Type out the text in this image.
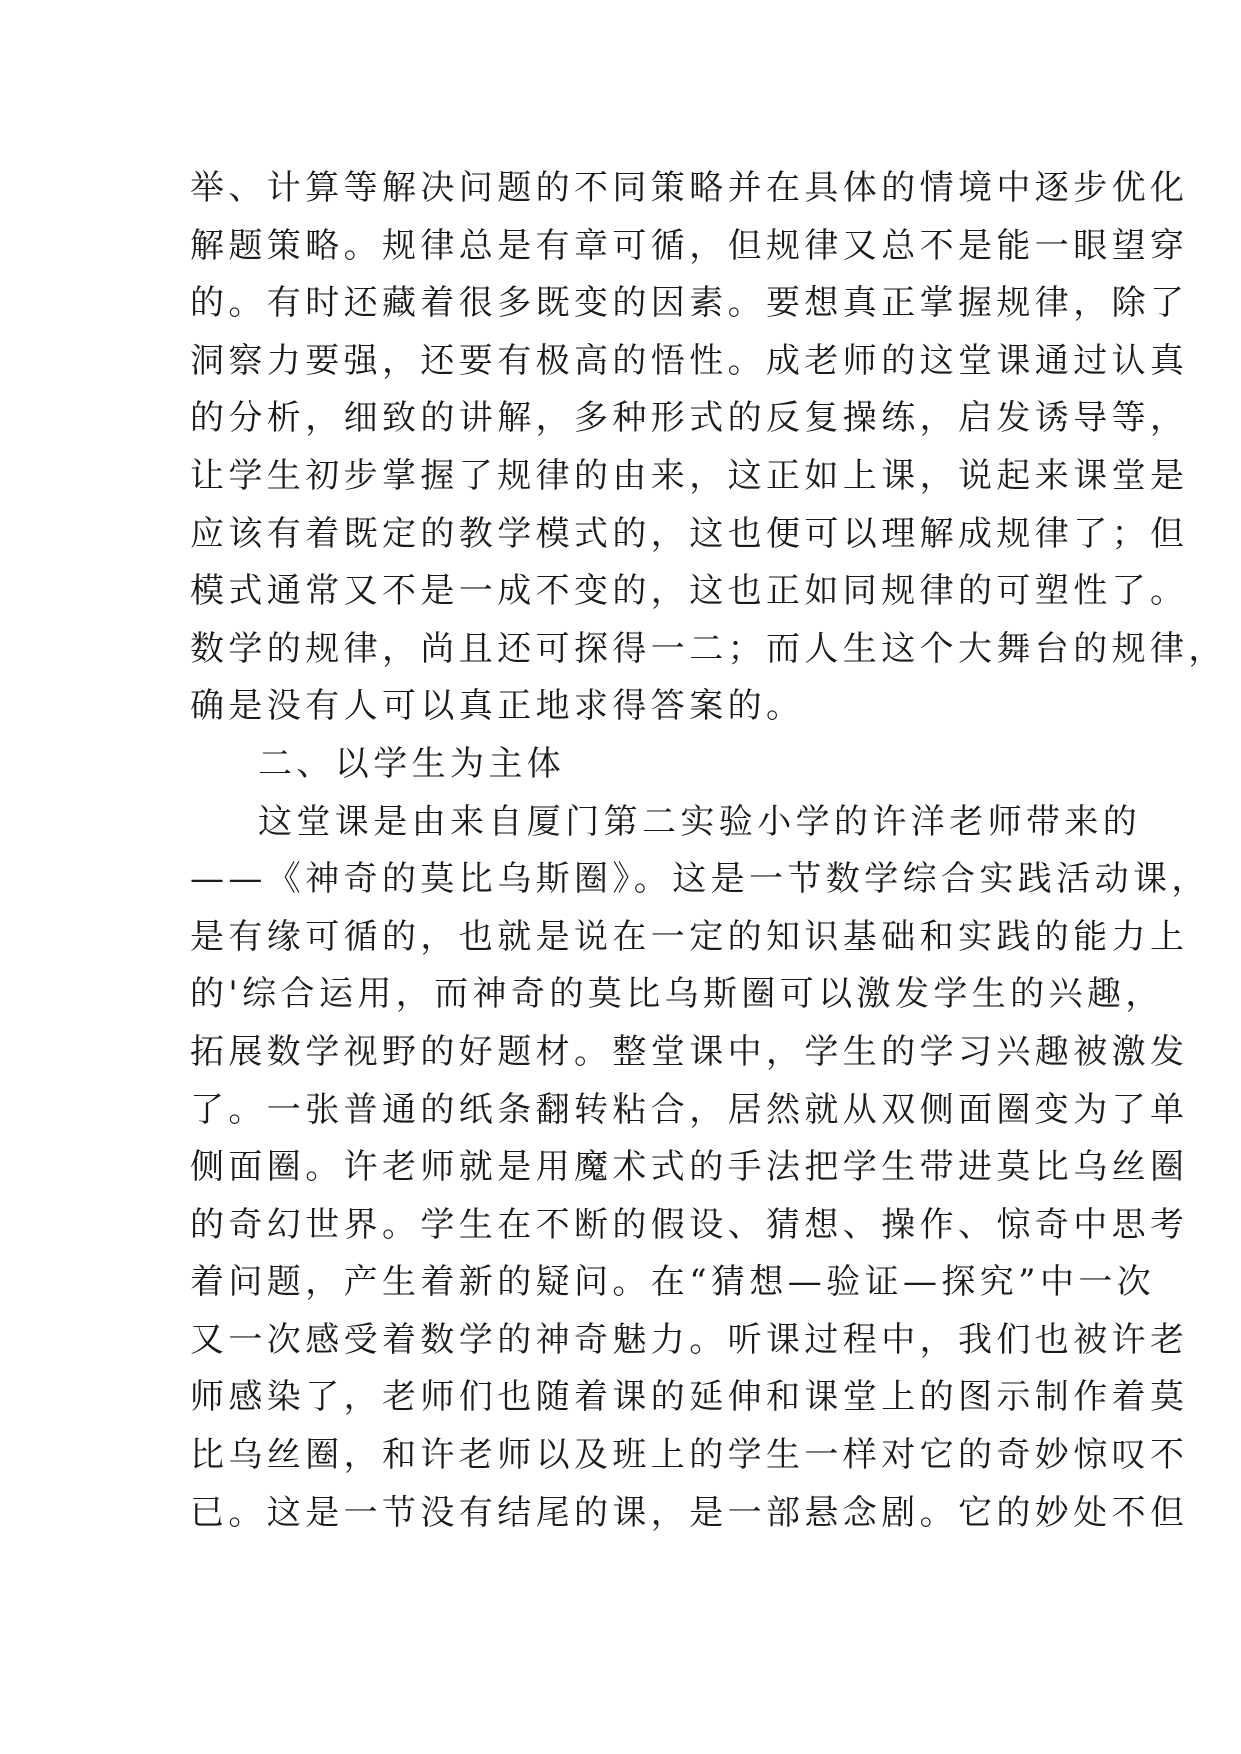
举、计算等解决问题的不同策略并在具体的情境中逐步优化
解题策略。规律总是有章可循，但规律又总不是能一眼望穿
的。有时还藏着很多既变的因素。要想真正掌握规律，除了
洞察力要强，还要有极高的悟性。成老师的这堂课通过认真
的分析，细致的讲解，多种形式的反复操练，启发诱导等，
让学生初步掌握了规律的由来，这正如上课，说起来课堂是
应该有着既定的教学模式的，这也便可以理解成规律了；但
模式通常又不是一成不变的，这也正如同规律的可塑性了。
数学的规律，尚且还可探得一二；而人生这个大舞台的规律，
确是没有人可以真正地求得答案的。
二、以学生为主体
这堂课是由来自厦门第二实验小学的许洋老师带来的
——《神奇的莫比乌斯圈》。这是一节数学综合实践活动课，
是有缘可循的，也就是说在一定的知识基础和实践的能力上
的'综合运用，而神奇的莫比乌斯圈可以激发学生的兴趣，
拓展数学视野的好题材。整堂课中，学生的学习兴趣被激发
了。一张普通的纸条翻转粘合，居然就从双侧面圈变为了单
侧面圈。许老师就是用魔术式的手法把学生带进莫比乌丝圈
的奇幻世界。学生在不断的假设、猜想、操作、惊奇中思考
着问题，产生着新的疑问。在“猜想—验证—探究”中一次
又一次感受着数学的神奇魅力。听课过程中，我们也被许老
师感染了，老师们也随着课的延伸和课堂上的图示制作着莫
比乌丝圈，和许老师以及班上的学生一样对它的奇妙惊叹不
已。这是一节没有结尾的课，是一部悬念剧。它的妙处不但
